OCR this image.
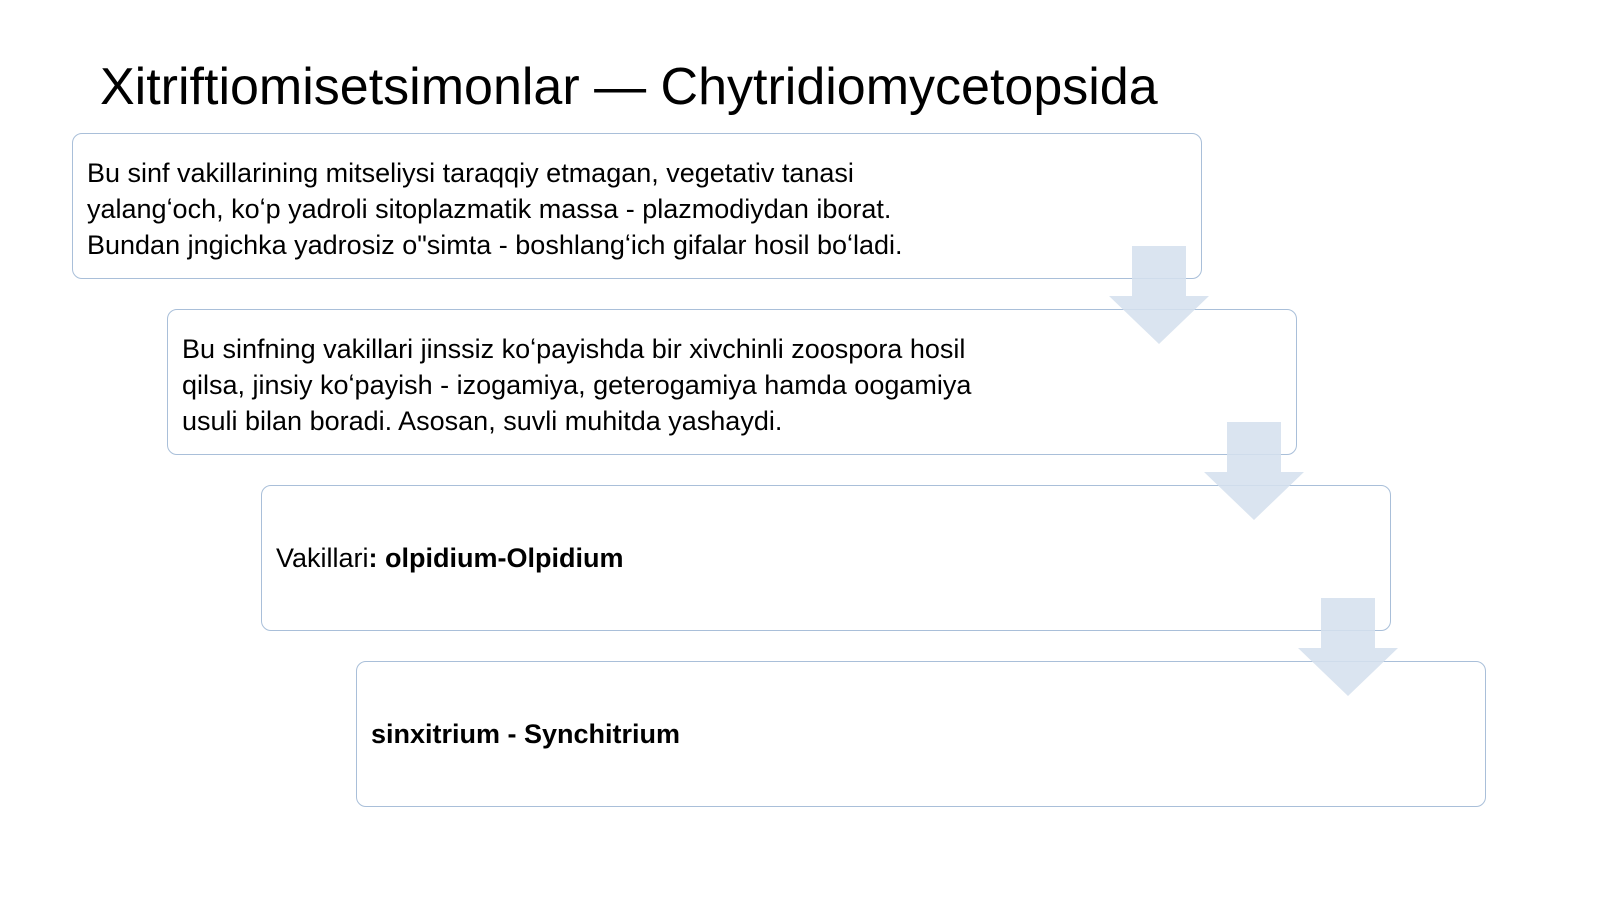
Xitriftiomisetsimonlar — Chytridiomycetopsida
Bu sinf vakillarining mitseliysi taraqqiy etmagan, vegetativ tanasi
yalangʻoch, koʻp yadroli sitoplazmatik massa - plazmodiydan iborat.
Bundan jngichka yadrosiz o"simta - boshlangʻich gifalar hosil boʻladi.
Bu sinfning vakillari jinssiz koʻpayishda bir xivchinli zoospora hosil
qilsa, jinsiy koʻpayish - izogamiya, geterogamiya hamda oogamiya
usuli bilan boradi. Asosan, suvli muhitda yashaydi.
Vakillari : olpidium-Olpidium
sinxitrium - Synchitrium
